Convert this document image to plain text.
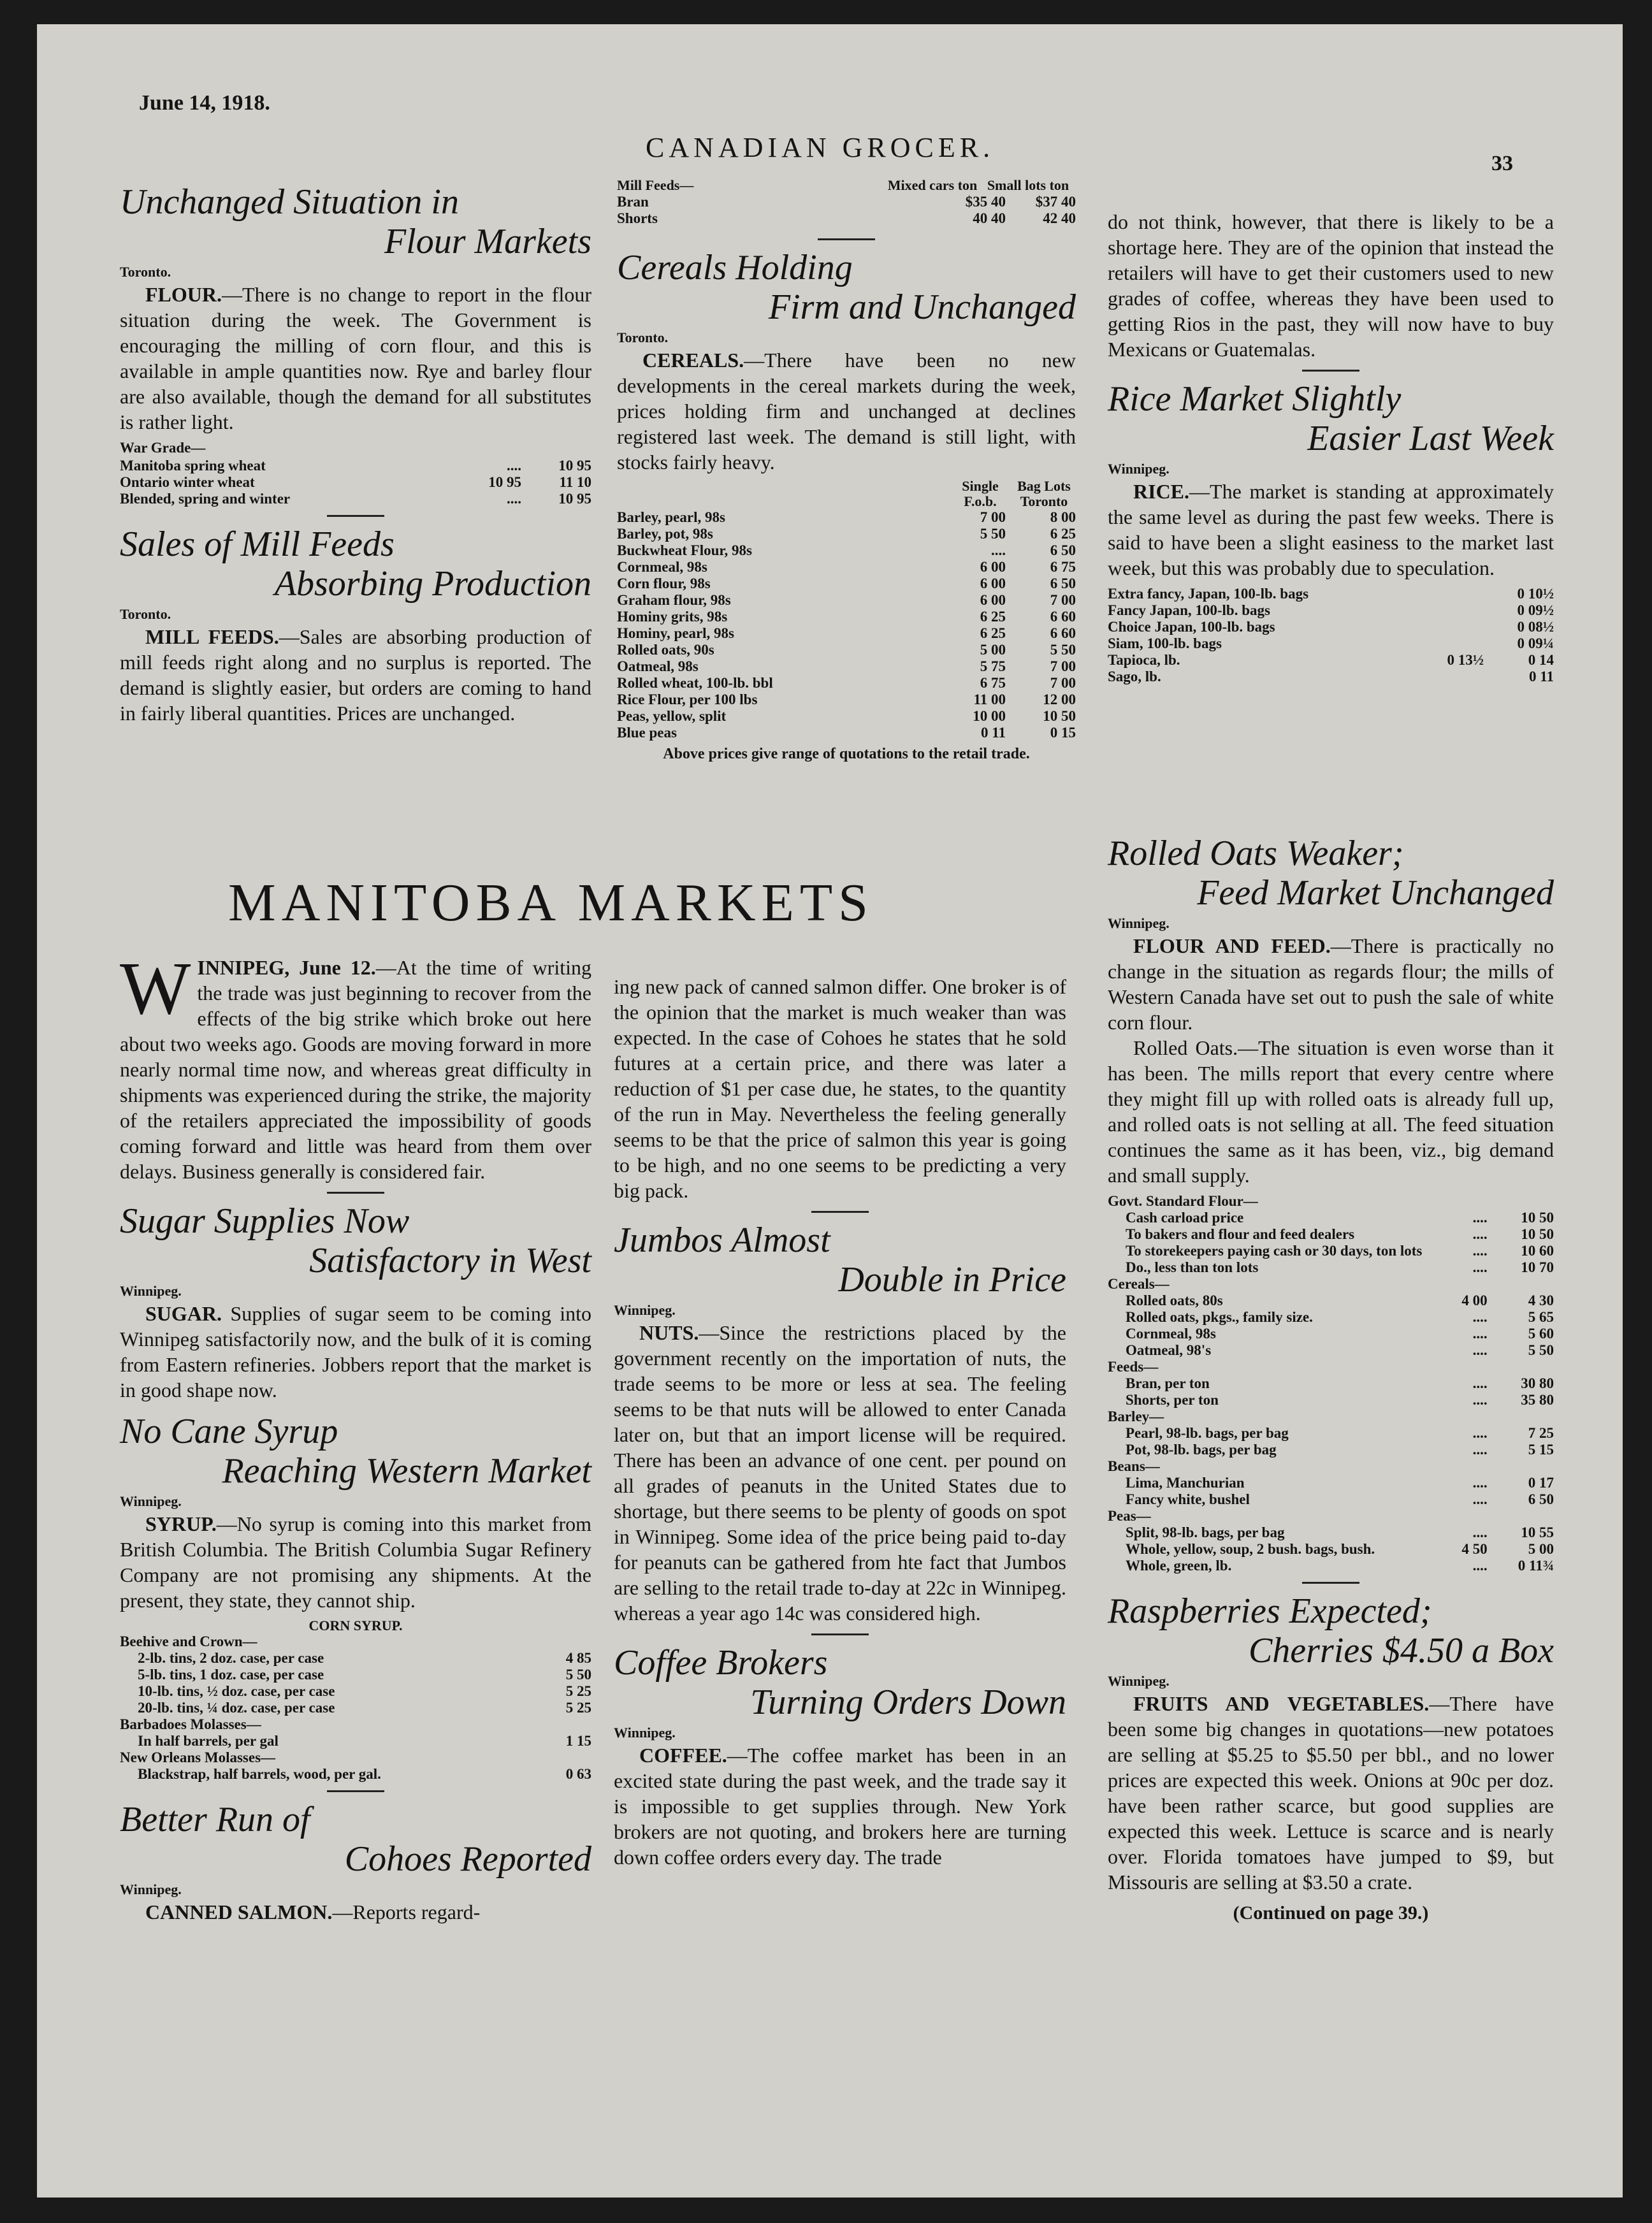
June 14, 1918.
CANADIAN GROCER.
33
Unchanged Situation in
Flour Markets
Toronto.

FLOUR.—There is no change to report in the flour situation during the week. The Government is encouraging the milling of corn flour, and this is available in ample quantities now. Rye and barley flour are also available, though the demand for all substitutes is rather light.

War Grade—
Manitoba spring wheat	....	10 95
Ontario winter wheat	10 95	11 10
Blended, spring and winter	....	10 95
Sales of Mill Feeds
Absorbing Production
Toronto.

MILL FEEDS.—Sales are absorbing production of mill feeds right along and no surplus is reported. The demand is slightly easier, but orders are coming to hand in fairly liberal quantities. Prices are unchanged.

Mill Feeds—	Mixed cars ton Small lots ton
Bran	$35 40	$37 40
Shorts	40 40	42 40
Cereals Holding
Firm and Unchanged
Toronto.

CEREALS.—There have been no new developments in the cereal markets during the week, prices holding firm and unchanged at declines registered last week. The demand is still light, with stocks fairly heavy.

Single F.o.b.
Bag Lots Toronto
Barley, pearl, 98s	7 00	8 00
Barley, pot, 98s	5 50	6 25
Buckwheat Flour, 98s	....	6 50
Cornmeal, 98s	6 00	6 75
Corn flour, 98s	6 00	6 50
Graham flour, 98s	6 00	7 00
Hominy grits, 98s	6 25	6 60
Hominy, pearl, 98s	6 25	6 60
Rolled oats, 90s	5 00	5 50
Oatmeal, 98s	5 75	7 00
Rolled wheat, 100-lb. bbl	6 75	7 00
Rice Flour, per 100 lbs	11 00	12 00
Peas, yellow, split	10 00	10 50
Blue peas	0 11	0 15
Above prices give range of quotations to the retail trade.

do not think, however, that there is likely to be a shortage here. They are of the opinion that instead the retailers will have to get their customers used to new grades of coffee, whereas they have been used to getting Rios in the past, they will now have to buy Mexicans or Guatemalas.

Rice Market Slightly
Easier Last Week
Winnipeg.

RICE.—The market is standing at approximately the same level as during the past few weeks. There is said to have been a slight easiness to the market last week, but this was probably due to speculation.

Extra fancy, Japan, 100-lb. bags		0 10½
Fancy Japan, 100-lb. bags		0 09½
Choice Japan, 100-lb. bags		0 08½
Siam, 100-lb. bags		0 09¼
Tapioca, lb.	0 13½	0 14
Sago, lb.		0 11
MANITOBA MARKETS

WINNIPEG, June 12.—At the time of writing the trade was just beginning to recover from the effects of the big strike which broke out here about two weeks ago. Goods are moving forward in more nearly normal time now, and whereas great difficulty in shipments was experienced during the strike, the majority of the retailers appreciated the impossibility of goods coming forward and little was heard from them over delays. Business generally is considered fair.

Sugar Supplies Now
Satisfactory in West
Winnipeg.

SUGAR. Supplies of sugar seem to be coming into Winnipeg satisfactorily now, and the bulk of it is coming from Eastern refineries. Jobbers report that the market is in good shape now.

No Cane Syrup
Reaching Western Market
Winnipeg.

SYRUP.—No syrup is coming into this market from British Columbia. The British Columbia Sugar Refinery Company are not promising any shipments. At the present, they state, they cannot ship.

CORN SYRUP.
Beehive and Crown—	
2-lb. tins, 2 doz. case, per case	4 85
5-lb. tins, 1 doz. case, per case	5 50
10-lb. tins, ½ doz. case, per case	5 25
20-lb. tins, ¼ doz. case, per case	5 25
Barbadoes Molasses—	
In half barrels, per gal	1 15
New Orleans Molasses—	
Blackstrap, half barrels, wood, per gal.	0 63
Better Run of
Cohoes Reported
Winnipeg.

CANNED SALMON.—Reports regard-

ing new pack of canned salmon differ. One broker is of the opinion that the market is much weaker than was expected. In the case of Cohoes he states that he sold futures at a certain price, and there was later a reduction of $1 per case due, he states, to the quantity of the run in May. Nevertheless the feeling generally seems to be that the price of salmon this year is going to be high, and no one seems to be predicting a very big pack.

Jumbos Almost
Double in Price
Winnipeg.

NUTS.—Since the restrictions placed by the government recently on the importation of nuts, the trade seems to be more or less at sea. The feeling seems to be that nuts will be allowed to enter Canada later on, but that an import license will be required. There has been an advance of one cent. per pound on all grades of peanuts in the United States due to shortage, but there seems to be plenty of goods on spot in Winnipeg. Some idea of the price being paid to-day for peanuts can be gathered from hte fact that Jumbos are selling to the retail trade to-day at 22c in Winnipeg. whereas a year ago 14c was considered high.

Coffee Brokers
Turning Orders Down
Winnipeg.

COFFEE.—The coffee market has been in an excited state during the past week, and the trade say it is impossible to get supplies through. New York brokers are not quoting, and brokers here are turning down coffee orders every day. The trade

Rolled Oats Weaker;
Feed Market Unchanged
Winnipeg.

FLOUR AND FEED.—There is practically no change in the situation as regards flour; the mills of Western Canada have set out to push the sale of white corn flour.

Rolled Oats.—The situation is even worse than it has been. The mills report that every centre where they might fill up with rolled oats is already full up, and rolled oats is not selling at all. The feed situation continues the same as it has been, viz., big demand and small supply.

Govt. Standard Flour—		
Cash carload price	....	10 50
To bakers and flour and feed dealers	....	10 50
To storekeepers paying cash or 30 days, ton lots	....	10 60
Do., less than ton lots	....	10 70
Cereals—		
Rolled oats, 80s	4 00	4 30
Rolled oats, pkgs., family size.	....	5 65
Cornmeal, 98s	....	5 60
Oatmeal, 98's	....	5 50
Feeds—		
Bran, per ton	....	30 80
Shorts, per ton	....	35 80
Barley—		
Pearl, 98-lb. bags, per bag	....	7 25
Pot, 98-lb. bags, per bag	....	5 15
Beans—		
Lima, Manchurian	....	0 17
Fancy white, bushel	....	6 50
Peas—		
Split, 98-lb. bags, per bag	....	10 55
Whole, yellow, soup, 2 bush. bags, bush.	4 50	5 00
Whole, green, lb.	....	0 11¾
Raspberries Expected;
Cherries $4.50 a Box
Winnipeg.

FRUITS AND VEGETABLES.—There have been some big changes in quotations—new potatoes are selling at $5.25 to $5.50 per bbl., and no lower prices are expected this week. Onions at 90c per doz. have been rather scarce, but good supplies are expected this week. Lettuce is scarce and is nearly over. Florida tomatoes have jumped to $9, but Missouris are selling at $3.50 a crate.

(Continued on page 39.)
